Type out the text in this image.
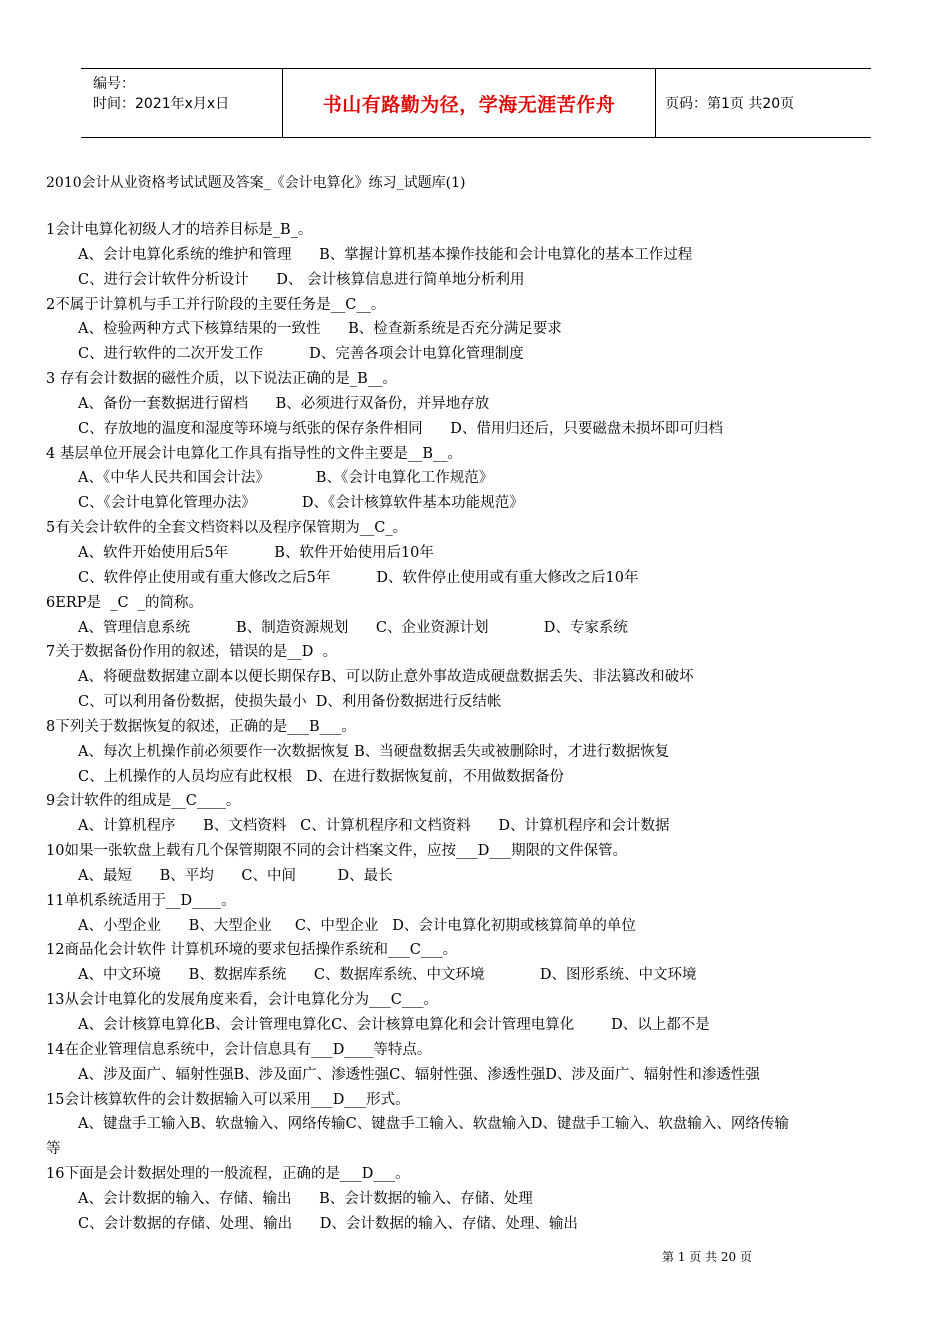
编号：
时间：2021年x月x日	书山有路勤为径，学海无涯苦作舟	页码：第1页 共20页
2010会计从业资格考试试题及答案_《会计电算化》练习_试题库(1)
1会计电算化初级人才的培养目标是_B_。
A、会计电算化系统的维护和管理      B、掌握计算机基本操作技能和会计电算化的基本工作过程
C、进行会计软件分析设计      D、 会计核算信息进行简单地分析利用
2不属于计算机与手工并行阶段的主要任务是__C__。
A、检验两种方式下核算结果的一致性      B、检查新系统是否充分满足要求
C、进行软件的二次开发工作          D、完善各项会计电算化管理制度
3 存有会计数据的磁性介质，以下说法正确的是_B__。
A、备份一套数据进行留档      B、必须进行双备份，并异地存放
C、存放地的温度和湿度等环境与纸张的保存条件相同      D、借用归还后，只要磁盘未损坏即可归档
4 基层单位开展会计电算化工作具有指导性的文件主要是__B__。
A、《中华人民共和国会计法》          B、《会计电算化工作规范》
C、《会计电算化管理办法》          D、《会计核算软件基本功能规范》
5有关会计软件的全套文档资料以及程序保管期为__C_。
A、软件开始使用后5年          B、软件开始使用后10年
C、软件停止使用或有重大修改之后5年          D、软件停止使用或有重大修改之后10年
6ERP是  _C  _的简称。
A、管理信息系统          B、制造资源规划      C、企业资源计划            D、专家系统
7关于数据备份作用的叙述，错误的是__D  。
A、将硬盘数据建立副本以便长期保存B、可以防止意外事故造成硬盘数据丢失、非法篡改和破坏
C、可以利用备份数据，使损失最小  D、利用备份数据进行反结帐
8下列关于数据恢复的叙述，正确的是___B___。
A、每次上机操作前必须要作一次数据恢复 B、当硬盘数据丢失或被删除时，才进行数据恢复
C、上机操作的人员均应有此权根   D、在进行数据恢复前，不用做数据备份
9会计软件的组成是__C____。
A、计算机程序      B、文档资料   C、计算机程序和文档资料      D、计算机程序和会计数据
10如果一张软盘上载有几个保管期限不同的会计档案文件，应按___D___期限的文件保管。
A、最短      B、平均      C、中间         D、最长
11单机系统适用于__D____。
A、小型企业      B、大型企业     C、中型企业   D、会计电算化初期或核算简单的单位
12商品化会计软件 计算机环境的要求包括操作系统和___C___。
A、中文环境      B、数据库系统      C、数据库系统、中文环境            D、图形系统、中文环境
13从会计电算化的发展角度来看，会计电算化分为___C___。
A、会计核算电算化B、会计管理电算化C、会计核算电算化和会计管理电算化        D、以上都不是
14在企业管理信息系统中，会计信息具有___D____等特点。
A、涉及面广、辐射性强B、涉及面广、渗透性强C、辐射性强、渗透性强D、涉及面广、辐射性和渗透性强
15会计核算软件的会计数据输入可以采用___D___形式。
A、键盘手工输入B、软盘输入、网络传输C、键盘手工输入、软盘输入D、键盘手工输入、软盘输入、网络传输
等
16下面是会计数据处理的一般流程，正确的是___D___。
A、会计数据的输入、存储、输出      B、会计数据的输入、存储、处理
C、会计数据的存储、处理、输出      D、会计数据的输入、存储、处理、输出
第 1 页 共 20 页
